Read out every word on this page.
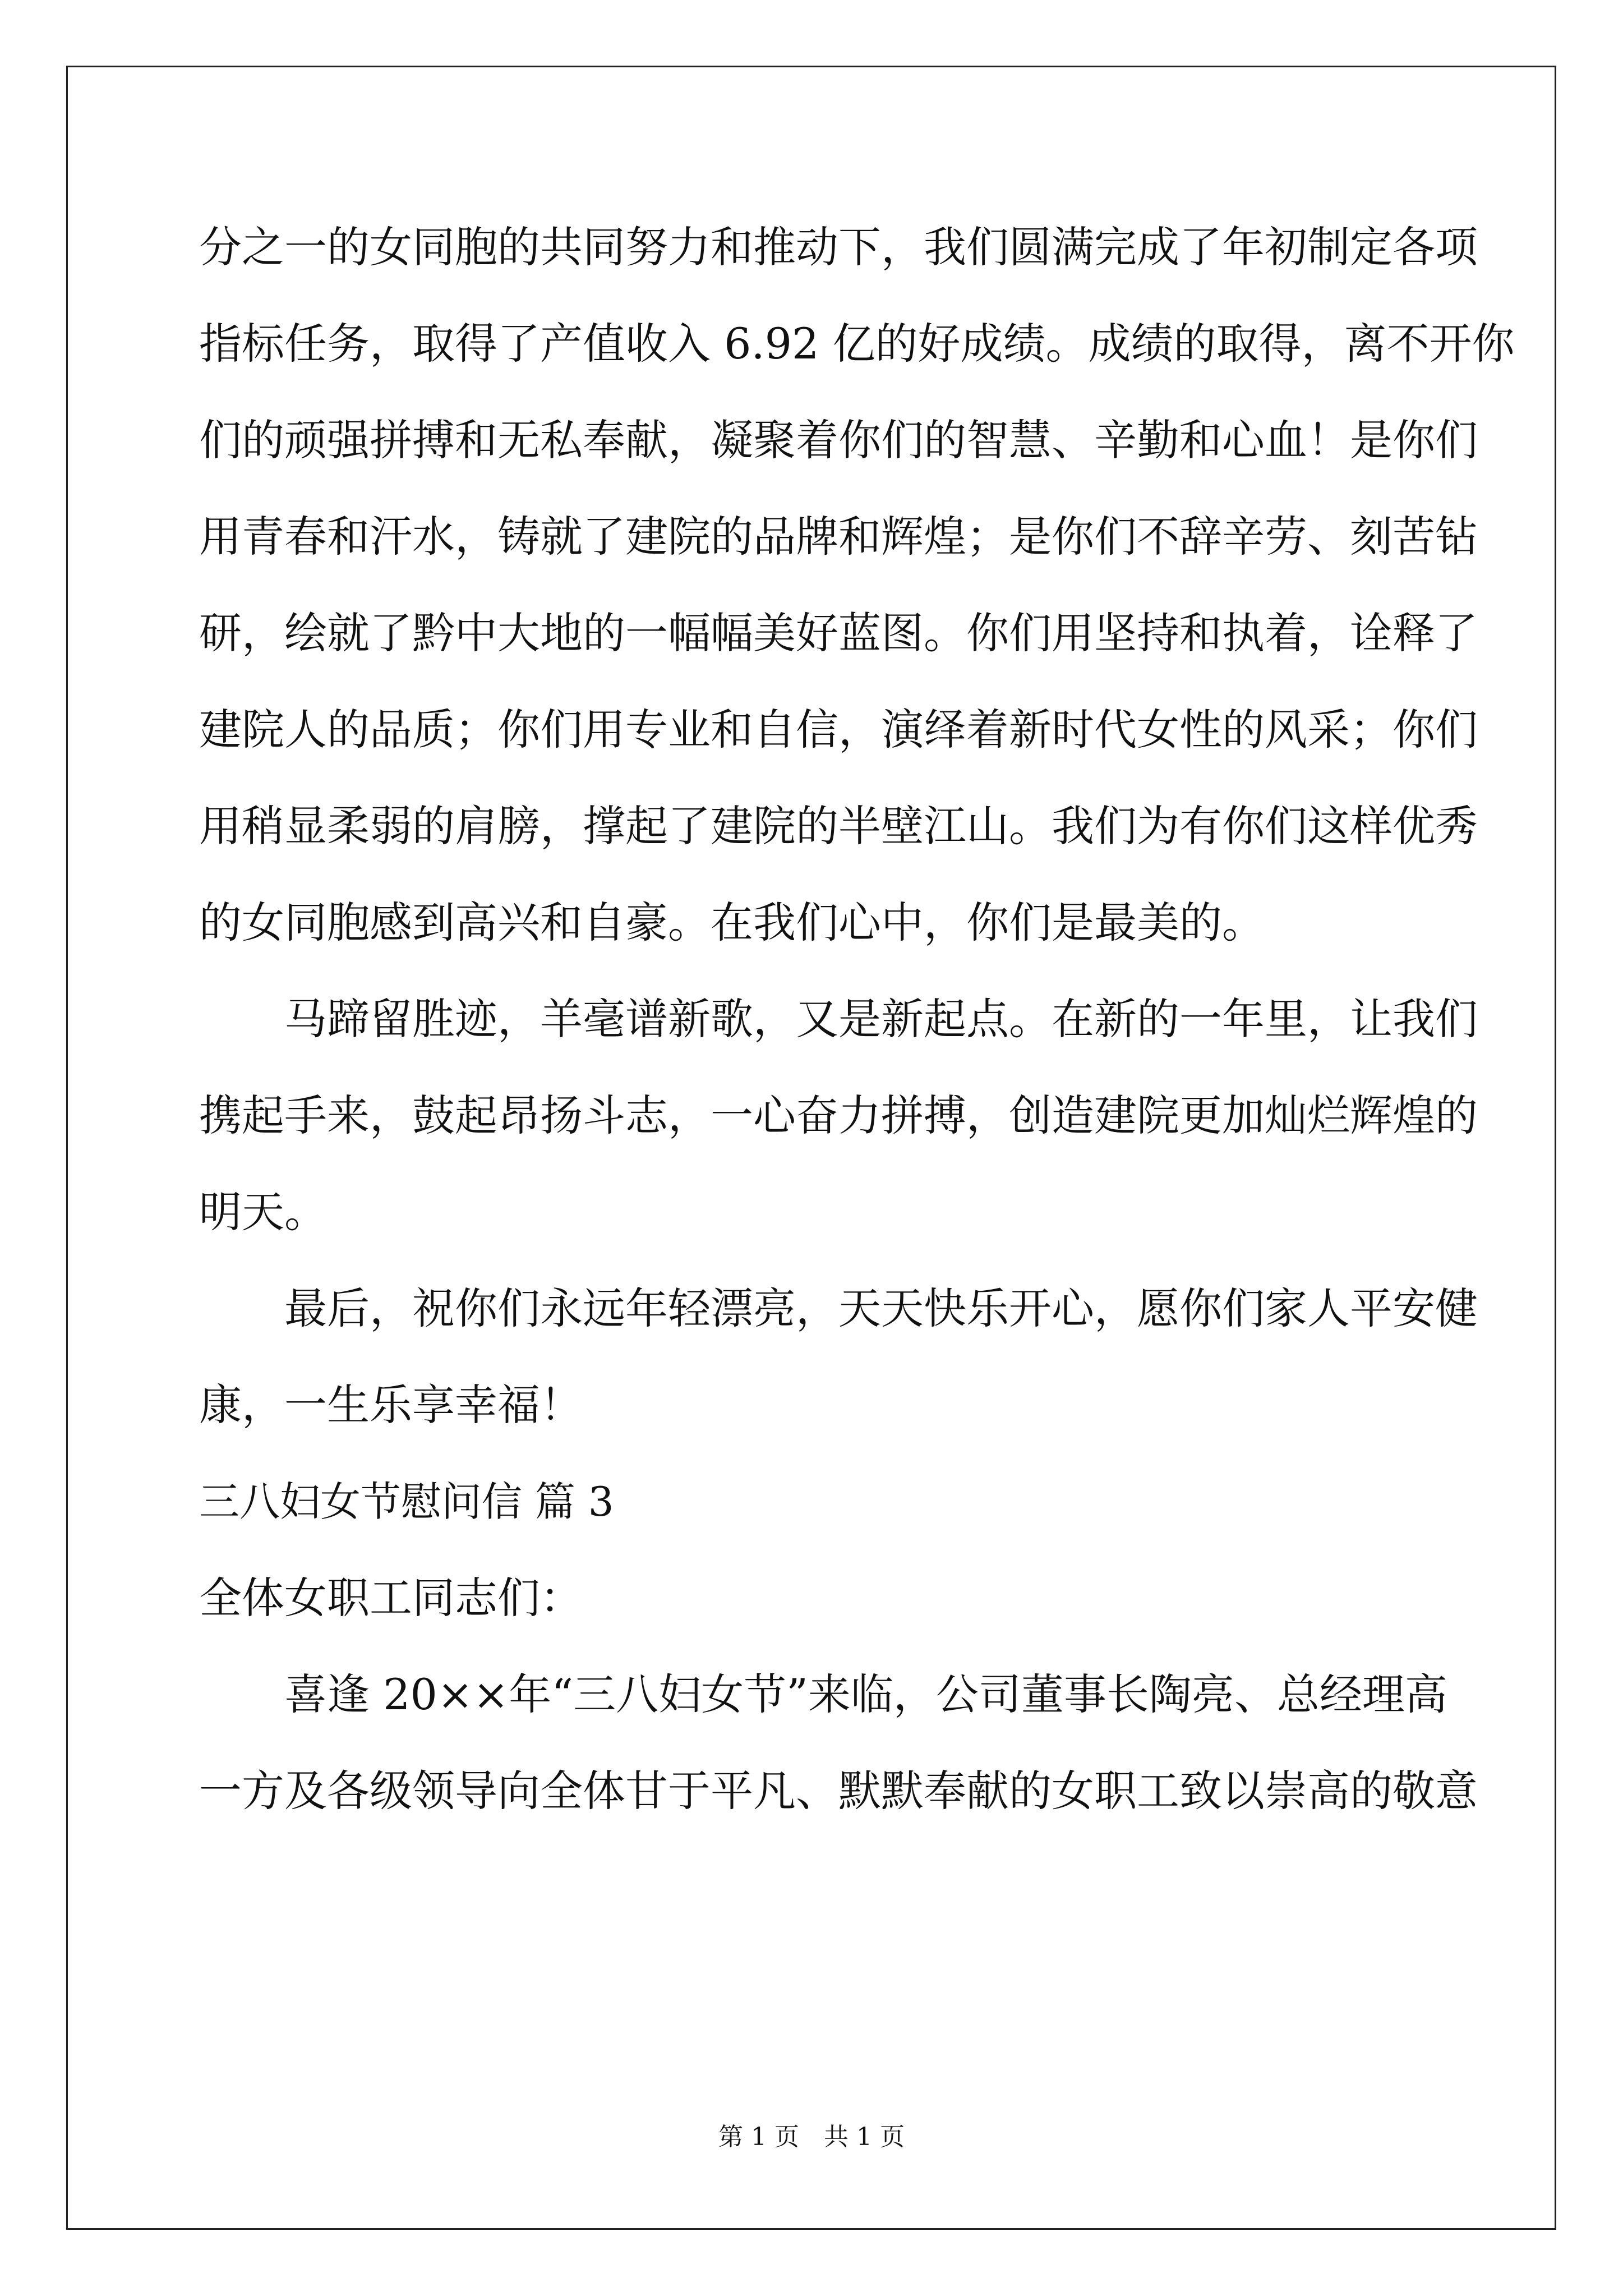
分之一的女同胞的共同努力和推动下，我们圆满完成了年初制定各项
指标任务，取得了产值收入 6.92 亿的好成绩。成绩的取得，离不开你
们的顽强拼搏和无私奉献，凝聚着你们的智慧、辛勤和心血！是你们
用青春和汗水，铸就了建院的品牌和辉煌；是你们不辞辛劳、刻苦钻
研，绘就了黔中大地的一幅幅美好蓝图。你们用坚持和执着，诠释了
建院人的品质；你们用专业和自信，演绎着新时代女性的风采；你们
用稍显柔弱的肩膀，撑起了建院的半壁江山。我们为有你们这样优秀
的女同胞感到高兴和自豪。在我们心中，你们是最美的。
马蹄留胜迹，羊毫谱新歌，又是新起点。在新的一年里，让我们
携起手来，鼓起昂扬斗志，一心奋力拼搏，创造建院更加灿烂辉煌的
明天。
最后，祝你们永远年轻漂亮，天天快乐开心，愿你们家人平安健
康，一生乐享幸福！
三八妇女节慰问信 篇 3
全体女职工同志们：
喜逢 20××年“三八妇女节”来临，公司董事长陶亮、总经理高
一方及各级领导向全体甘于平凡、默默奉献的女职工致以崇高的敬意
第 1 页　共 1 页
